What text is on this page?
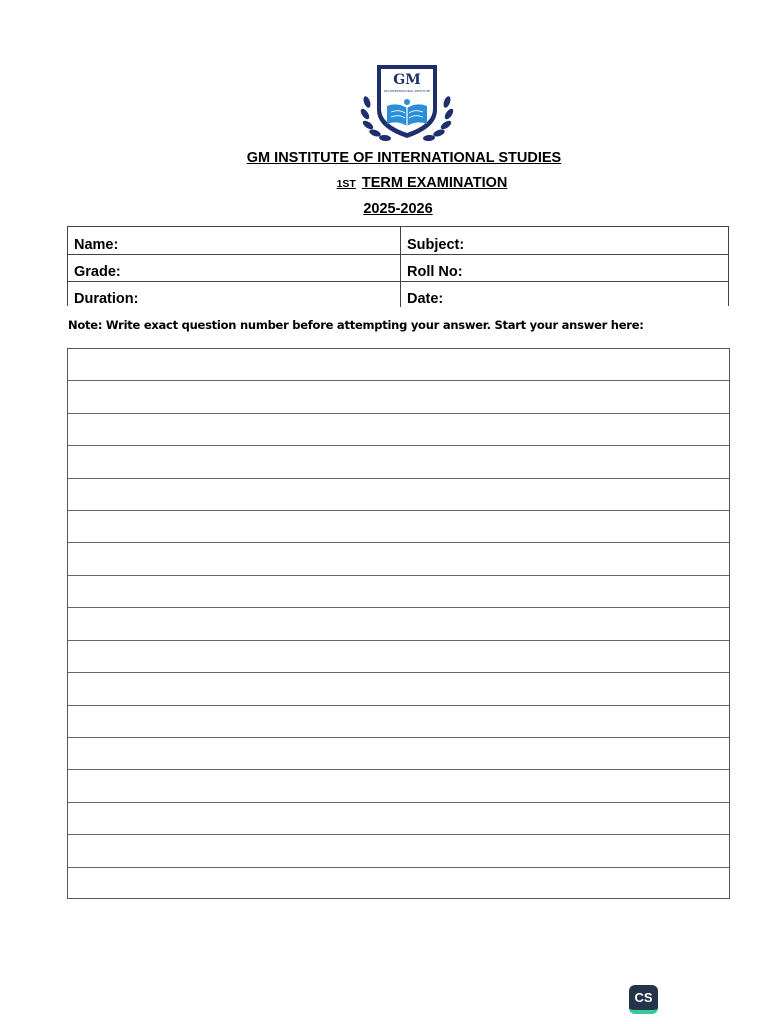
GM
GM INTERNATIONAL INSTITUTE
GM INSTITUTE OF INTERNATIONAL STUDIES
1ST TERM EXAMINATION
2025-2026
Name:	Subject:
Grade:	Roll No:
Duration:	Date:
Note: Write exact question number before attempting your answer. Start your answer here:
CS
